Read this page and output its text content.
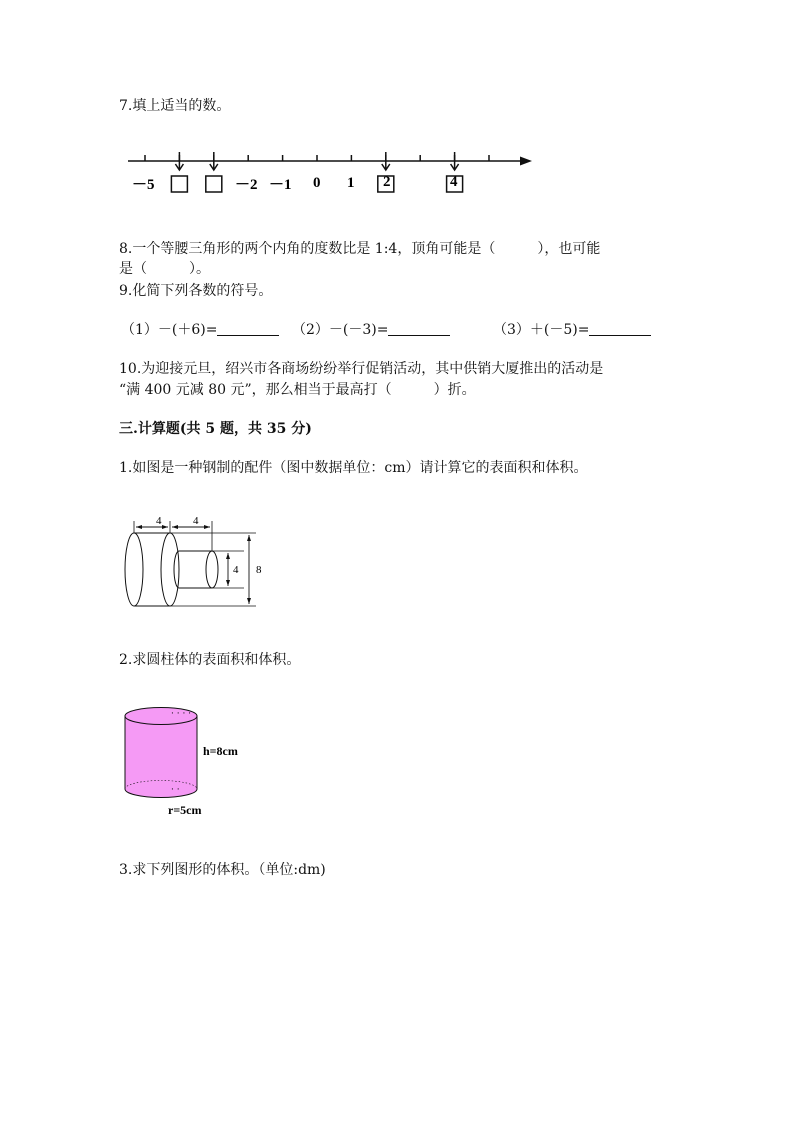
7.填上适当的数。
－5	－2 －1 0 1 2	4
8.一个等腰三角形的两个内角的度数比是 1:4，顶角可能是（　　　），也可能
是（　　　）。
9.化简下列各数的符号。
（1）－(＋6)=	（2）－(－3)=	（3）＋(－5)=
10.为迎接元旦，绍兴市各商场纷纷举行促销活动，其中供销大厦推出的活动是
“满 400 元减 80 元”，那么相当于最高打（　　　）折。
三.计算题(共 5 题，共 35 分)
1.如图是一种钢制的配件（图中数据单位：cm）请计算它的表面积和体积。
4	4
4 8
2.求圆柱体的表面积和体积。
· · · ·
· ·
h=8cm
r=5cm
3.求下列图形的体积。（单位:dm)
